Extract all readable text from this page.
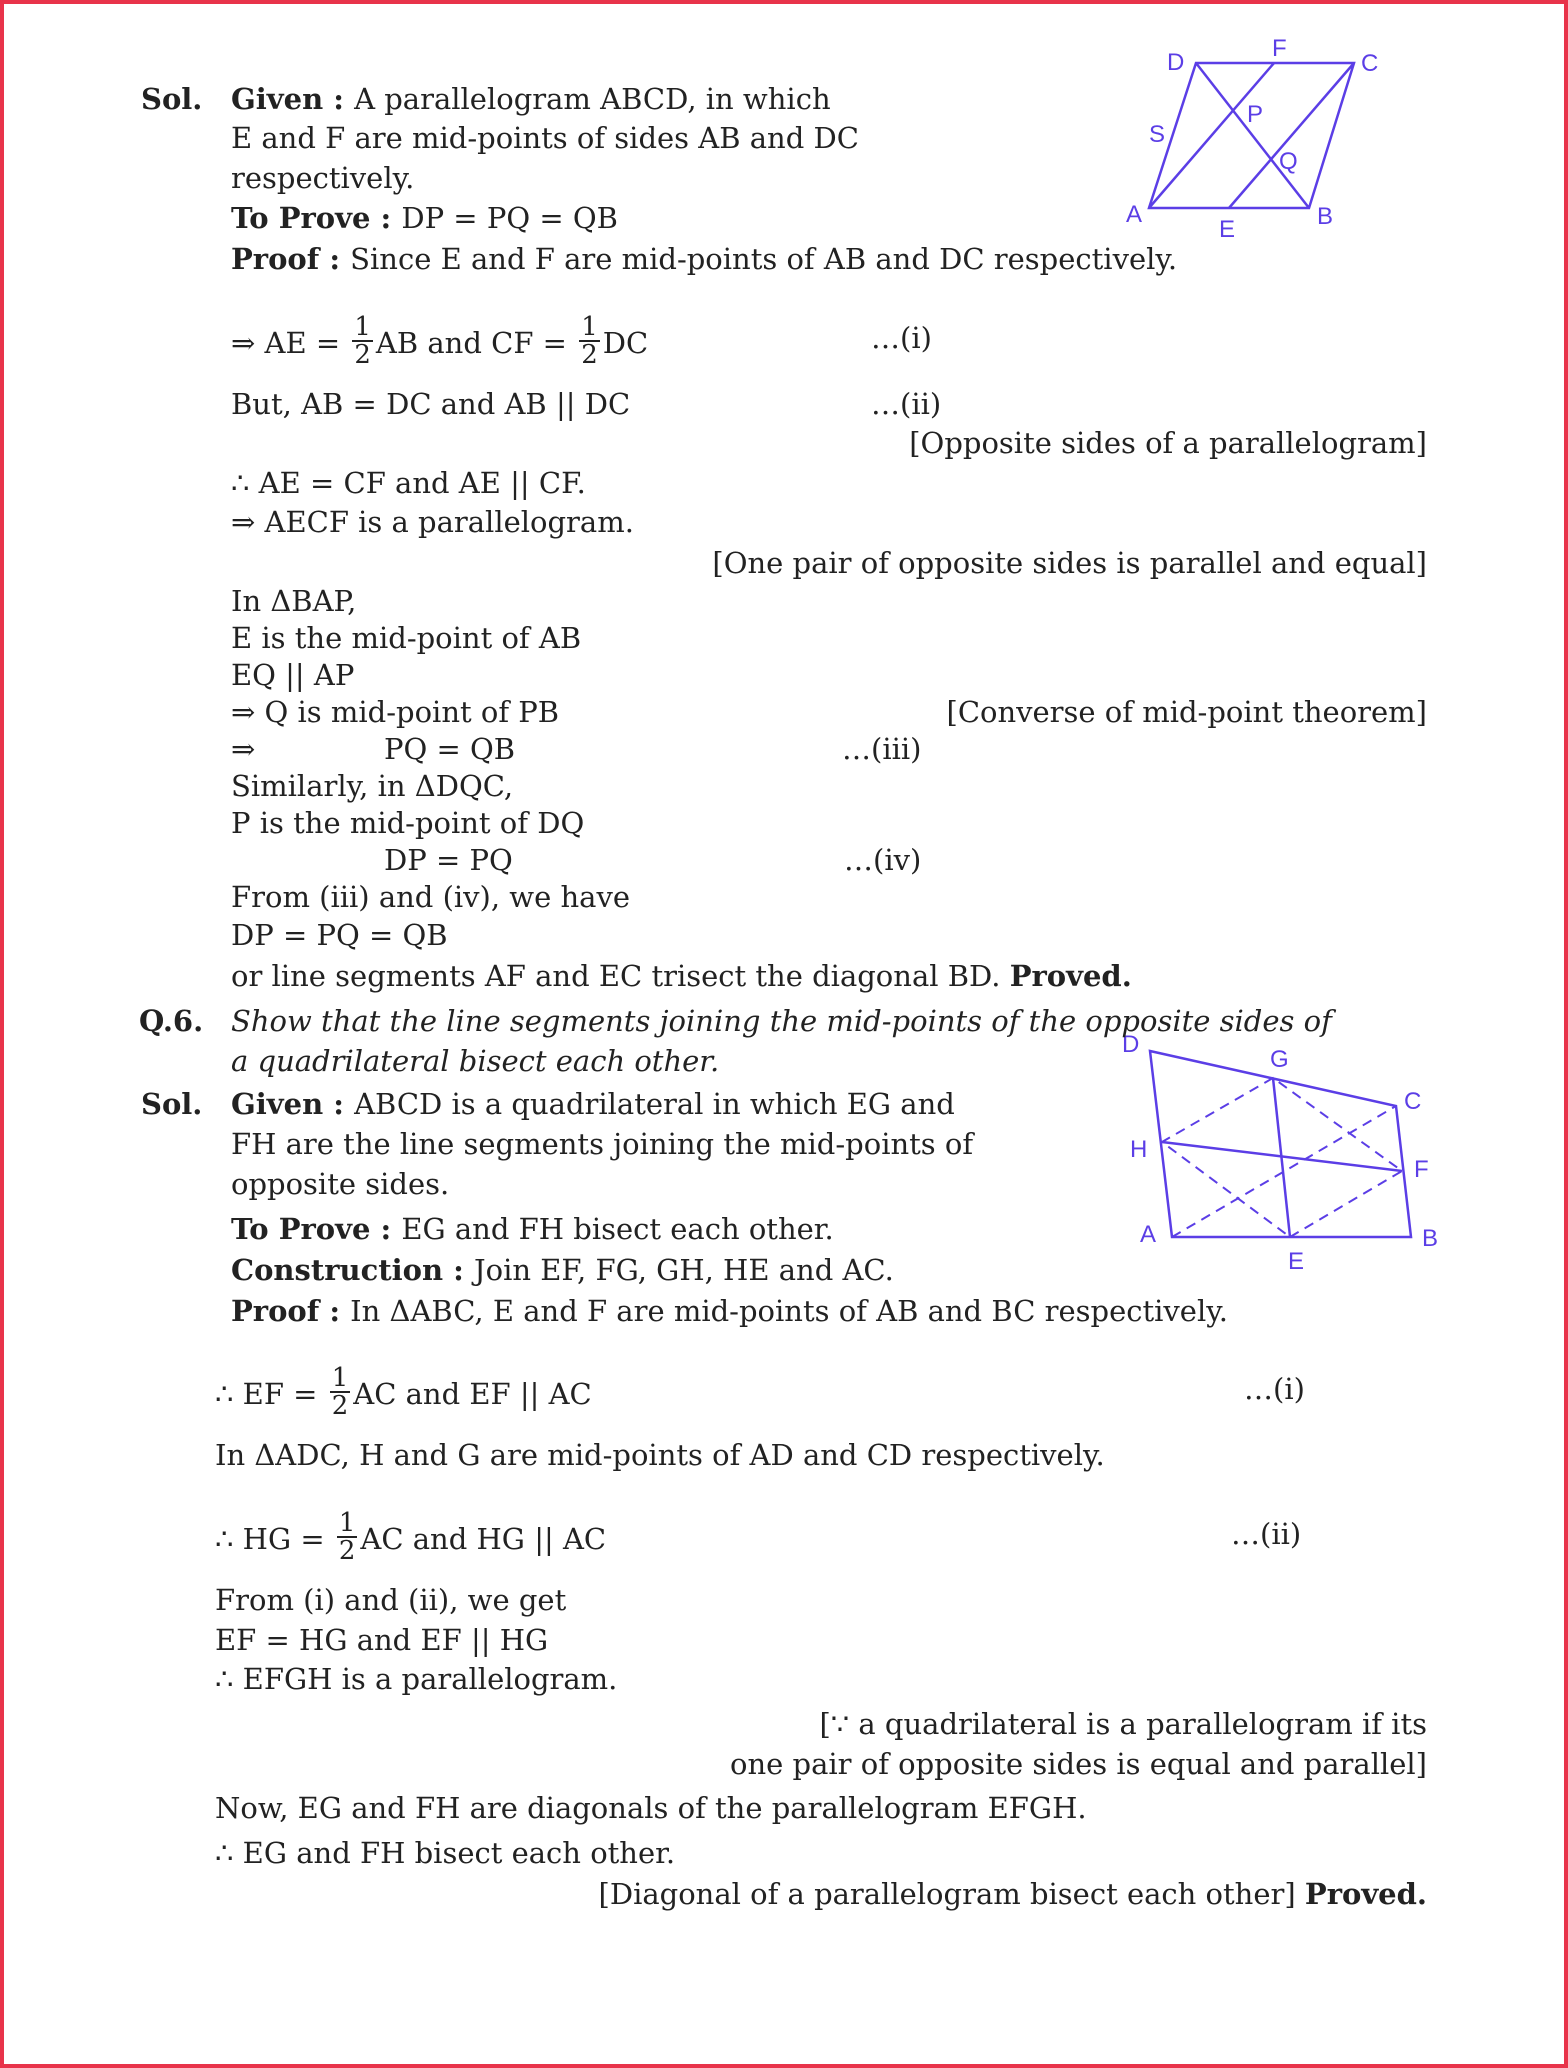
D
F
C
S
P
Q
A
E	B
D
G
C
H
F
A
E
B
Sol. Given : A parallelogram ABCD, in which
E and F are mid-points of sides AB and DC
respectively.
To Prove : DP = PQ = QB
Proof : Since E and F are mid-points of AB and DC respectively.
⇒ AE = $\frac{1}{2}$ AB and CF = $\frac{1}{2}$ DC	…(i)
But, AB = DC and AB || DC	…(ii)
[Opposite sides of a parallelogram]
∴ AE = CF and AE || CF.
⇒ AECF is a parallelogram.
[One pair of opposite sides is parallel and equal]
In ΔBAP,
E is the mid-point of AB
EQ || AP
⇒ Q is mid-point of PB	[Converse of mid-point theorem]
⇒	PQ = QB	…(iii)
Similarly, in ΔDQC,
P is the mid-point of DQ
DP = PQ	…(iv)
From (iii) and (iv), we have
DP = PQ = QB
or line segments AF and EC trisect the diagonal BD. Proved.
Q.6. Show that the line segments joining the mid-points of the opposite sides of
a quadrilateral bisect each other.
Sol. Given : ABCD is a quadrilateral in which EG and
FH are the line segments joining the mid-points of
opposite sides.
To Prove : EG and FH bisect each other.
Construction : Join EF, FG, GH, HE and AC.
Proof : In ΔABC, E and F are mid-points of AB and BC respectively.
∴ EF = $\frac{1}{2}$ AC and EF || AC	…(i)
In ΔADC, H and G are mid-points of AD and CD respectively.
∴ HG = $\frac{1}{2}$ AC and HG || AC	…(ii)
From (i) and (ii), we get
EF = HG and EF || HG
∴ EFGH is a parallelogram.
[∵ a quadrilateral is a parallelogram if its
one pair of opposite sides is equal and parallel]
Now, EG and FH are diagonals of the parallelogram EFGH.
∴ EG and FH bisect each other.
[Diagonal of a parallelogram bisect each other] Proved.
